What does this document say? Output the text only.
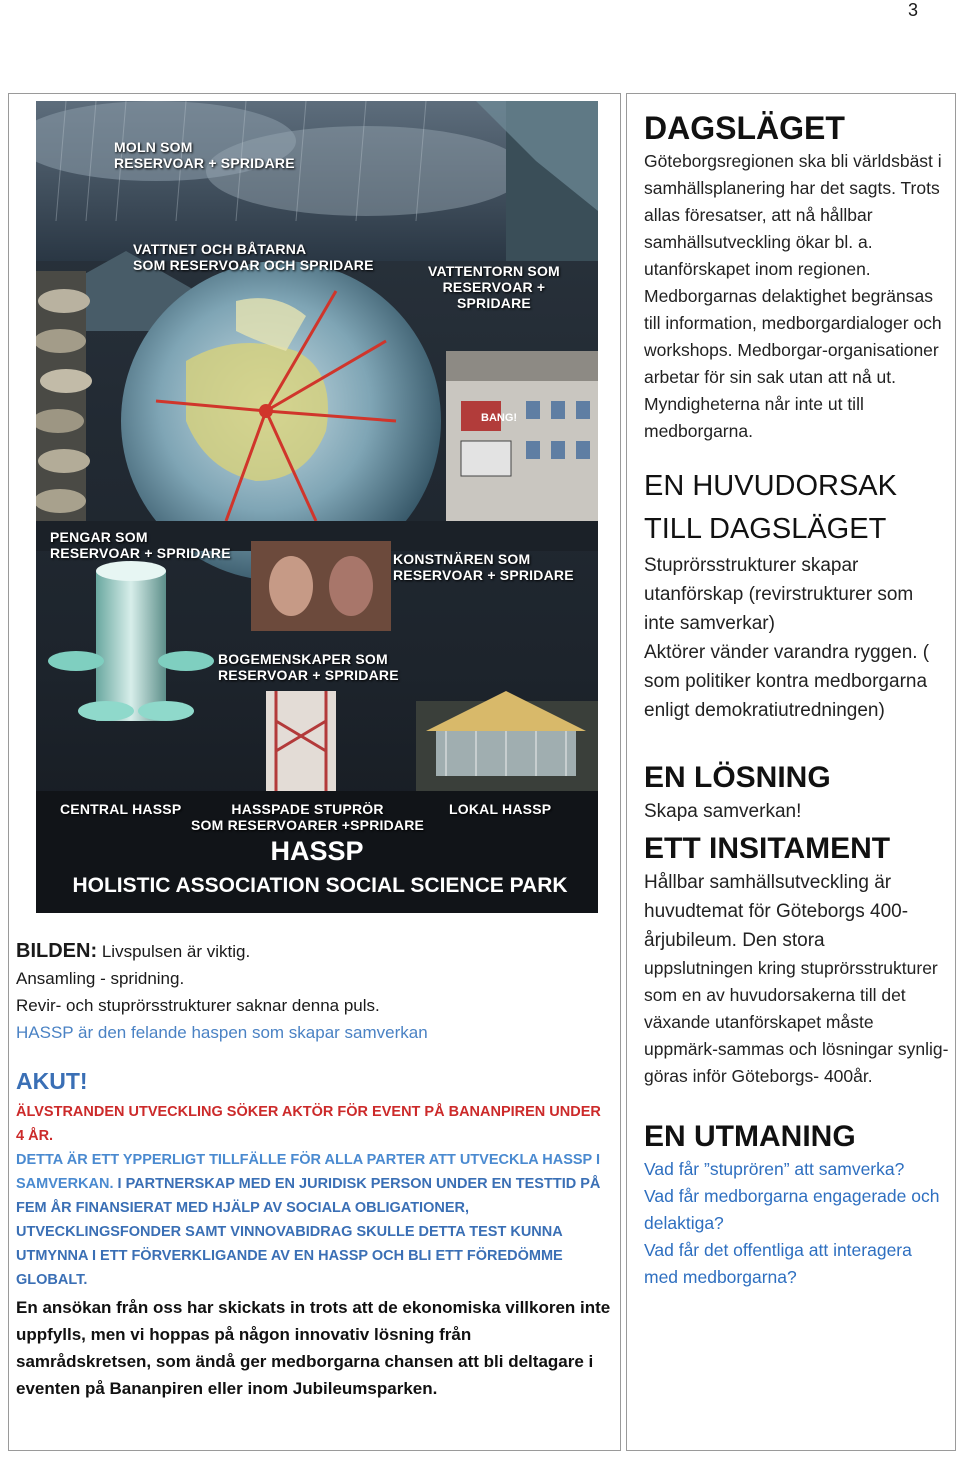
3
BANG!
MOLN SOM
RESERVOAR + SPRIDARE
VATTNET OCH BÅTARNA
SOM RESERVOAR OCH SPRIDARE	VATTENTORN SOM
RESERVOAR +
SPRIDARE
PENGAR SOM
RESERVOAR + SPRIDARE	KONSTNÄREN SOM
RESERVOAR + SPRIDARE
BOGEMENSKAPER SOM
RESERVOAR + SPRIDARE
CENTRAL HASSP	HASSPADE STUPRÖR
SOM RESERVOARER +SPRIDARE
LOKAL HASSP
HASSP
HOLISTIC ASSOCIATION SOCIAL SCIENCE PARK
BILDEN: Livspulsen är viktig.
Ansamling - spridning.
Revir- och stuprörsstrukturer saknar denna puls.
HASSP är den felande haspen som skapar samverkan
AKUT!
ÄLVSTRANDEN UTVECKLING SÖKER AKTÖR FÖR EVENT PÅ BANANPIREN UNDER 4 ÅR.
DETTA ÄR ETT YPPERLIGT TILLFÄLLE FÖR ALLA PARTER ATT UTVECKLA HASSP I SAMVERKAN. I PARTNERSKAP MED EN JURIDISK PERSON UNDER EN TESTTID PÅ FEM ÅR FINANSIERAT MED HJÄLP AV SOCIALA OBLIGATIONER, UTVECKLINGSFONDER SAMT VINNOVABIDRAG SKULLE DETTA TEST KUNNA UTMYNNA I ETT FÖRVERKLIGANDE AV EN HASSP OCH BLI ETT FÖREDÖMME GLOBALT.
En ansökan från oss har skickats in trots att de ekonomiska villkoren inte uppfylls, men vi hoppas på någon innovativ lösning från samrådskretsen, som ändå ger medborgarna chansen att bli deltagare i eventen på Bananpiren eller inom Jubileumsparken.
DAGSLÄGET
Göteborgsregionen ska bli världsbäst i samhällsplanering har det sagts. Trots allas föresatser, att nå hållbar samhällsutveckling ökar bl. a. utanförskapet inom regionen. Medborgarnas delaktighet begränsas till information, medborgardialoger och workshops. Medborgar-organisationer arbetar för sin sak utan att nå ut. Myndigheterna når inte ut till medborgarna.
EN HUVUDORSAK
TILL DAGSLÄGET
Stuprörsstrukturer skapar utanförskap (revirstrukturer som inte samverkar)
Aktörer vänder varandra ryggen. ( som politiker kontra medborgarna enligt demokratiutredningen)
EN LÖSNING
Skapa samverkan!
ETT INSITAMENT
Hållbar samhällsutveckling är huvudtemat för Göteborgs 400-årjubileum. Den stora
uppslutningen kring stuprörsstrukturer som en av huvudorsakerna till det växande utanförskapet måste uppmärk-sammas och lösningar synlig-göras inför Göteborgs- 400år.
EN UTMANING
Vad får ”stuprören” att samverka?
Vad får medborgarna engagerade och delaktiga?
Vad får det offentliga att interagera med medborgarna?
